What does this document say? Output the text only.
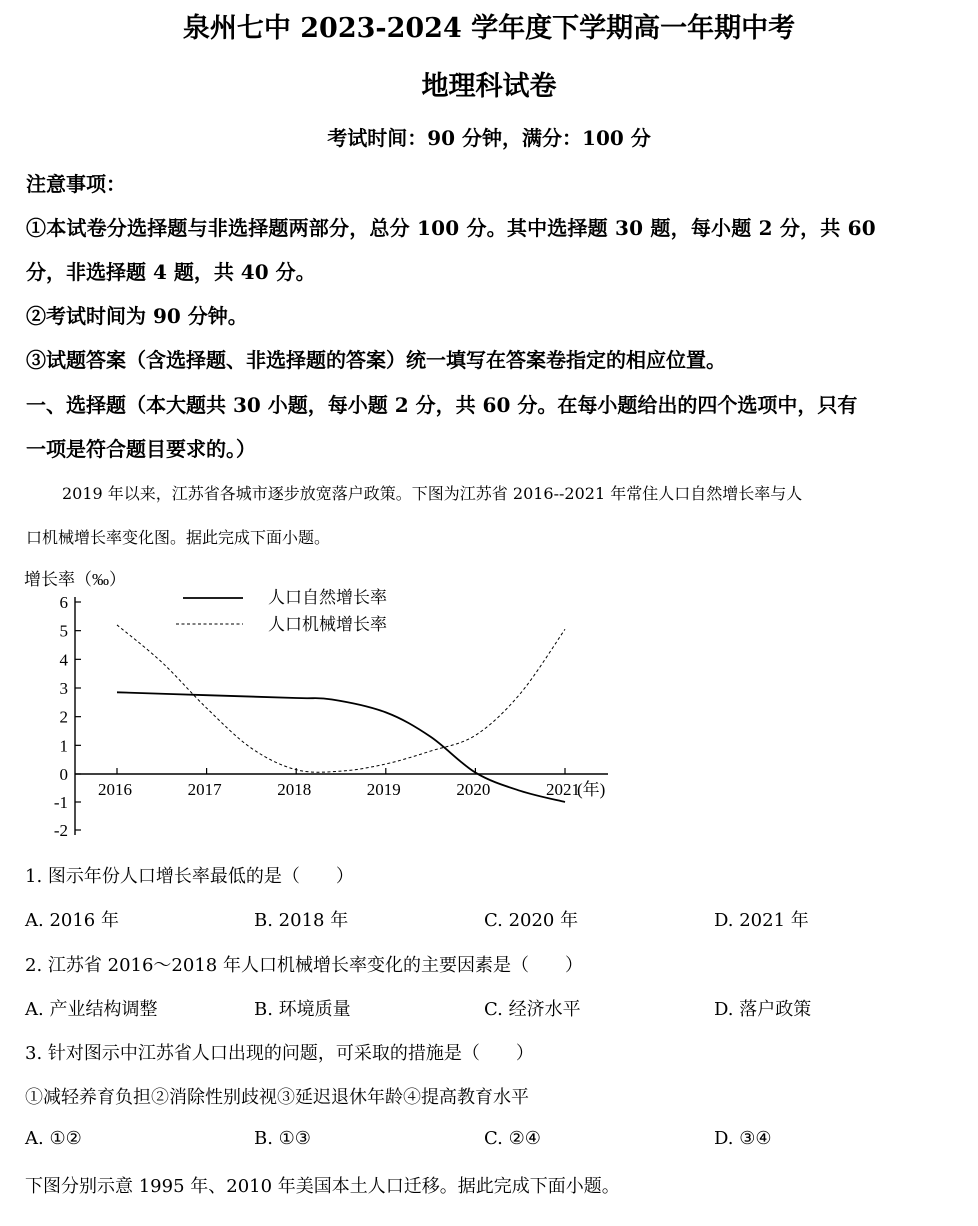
泉州七中 2023-2024 学年度下学期高一年期中考
地理科试卷
考试时间：90 分钟，满分：100 分
注意事项：
①本试卷分选择题与非选择题两部分，总分 100 分。其中选择题 30 题，每小题 2 分，共 60
分，非选择题 4 题，共 40 分。
②考试时间为 90 分钟。
③试题答案（含选择题、非选择题的答案）统一填写在答案卷指定的相应位置。
一、选择题（本大题共 30 小题，每小题 2 分，共 60 分。在每小题给出的四个选项中，只有
一项是符合题目要求的。）
2019 年以来，江苏省各城市逐步放宽落户政策。下图为江苏省 2016--2021 年常住人口自然增长率与人
口机械增长率变化图。据此完成下面小题。
增长率（‰）
6
5
4
3
2
1
0
-1
-2
2016	2017	2018	2019	2020	2021
(年)
人口自然增长率
人口机械增长率
1. 图示年份人口增长率最低的是（　　）
A. 2016 年	B. 2018 年	C. 2020 年	D. 2021 年
2. 江苏省 2016～2018 年人口机械增长率变化的主要因素是（　　）
A. 产业结构调整	B. 环境质量	C. 经济水平	D. 落户政策
3. 针对图示中江苏省人口出现的问题，可采取的措施是（　　）
①减轻养育负担②消除性别歧视③延迟退休年龄④提高教育水平
A. ①②	B. ①③	C. ②④	D. ③④
下图分别示意 1995 年、2010 年美国本土人口迁移。据此完成下面小题。
